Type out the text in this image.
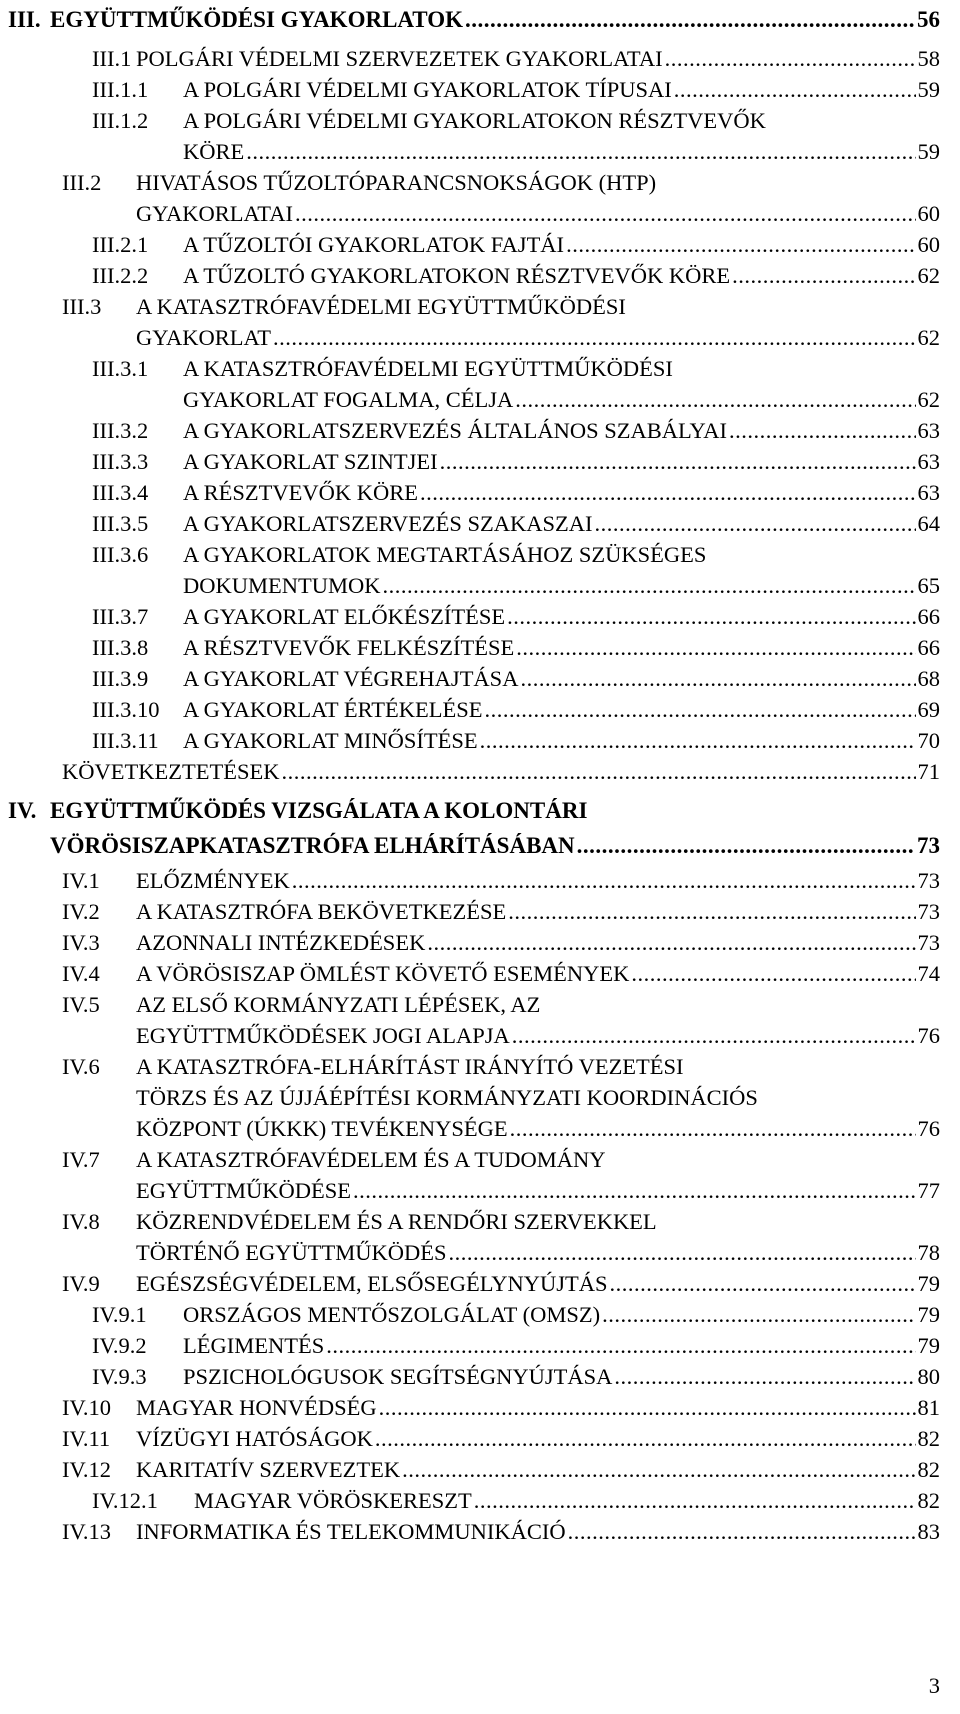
III. EGYÜTTMŰKÖDÉSI GYAKORLATOK .....	56
III.1 POLGÁRI VÉDELMI SZERVEZETEK GYAKORLATAI .....	58
III.1.1 A POLGÁRI VÉDELMI GYAKORLATOK TÍPUSAI .....	59
III.1.2 A POLGÁRI VÉDELMI GYAKORLATOKON RÉSZTVEVŐK
KÖRE .....	59
III.2 HIVATÁSOS TŰZOLTÓPARANCSNOKSÁGOK (HTP)
GYAKORLATAI .....	60
III.2.1 A TŰZOLTÓI GYAKORLATOK FAJTÁI .....	60
III.2.2 A TŰZOLTÓ GYAKORLATOKON RÉSZTVEVŐK KÖRE .....	62
III.3 A KATASZTRÓFAVÉDELMI EGYÜTTMŰKÖDÉSI
GYAKORLAT .....	62
III.3.1 A KATASZTRÓFAVÉDELMI EGYÜTTMŰKÖDÉSI
GYAKORLAT FOGALMA, CÉLJA .....	62
III.3.2 A GYAKORLATSZERVEZÉS ÁLTALÁNOS SZABÁLYAI .....	63
III.3.3 A GYAKORLAT SZINTJEI .....	63
III.3.4 A RÉSZTVEVŐK KÖRE .....	63
III.3.5 A GYAKORLATSZERVEZÉS SZAKASZAI .....	64
III.3.6 A GYAKORLATOK MEGTARTÁSÁHOZ SZÜKSÉGES
DOKUMENTUMOK .....	65
III.3.7 A GYAKORLAT ELŐKÉSZÍTÉSE .....	66
III.3.8 A RÉSZTVEVŐK FELKÉSZÍTÉSE .....	66
III.3.9 A GYAKORLAT VÉGREHAJTÁSA .....	68
III.3.10 A GYAKORLAT ÉRTÉKELÉSE .....	69
III.3.11 A GYAKORLAT MINŐSÍTÉSE .....	70
KÖVETKEZTETÉSEK .....	71
IV. EGYÜTTMŰKÖDÉS VIZSGÁLATA A KOLONTÁRI
VÖRÖSISZAPKATASZTRÓFA ELHÁRÍTÁSÁBAN .....	73
IV.1 ELŐZMÉNYEK .....	73
IV.2 A KATASZTRÓFA BEKÖVETKEZÉSE .....	73
IV.3 AZONNALI INTÉZKEDÉSEK .....	73
IV.4 A VÖRÖSISZAP ÖMLÉST KÖVETŐ ESEMÉNYEK .....	74
IV.5 AZ ELSŐ KORMÁNYZATI LÉPÉSEK, AZ
EGYÜTTMŰKÖDÉSEK JOGI ALAPJA .....	76
IV.6 A KATASZTRÓFA-ELHÁRÍTÁST IRÁNYÍTÓ VEZETÉSI
TÖRZS ÉS AZ ÚJJÁÉPÍTÉSI KORMÁNYZATI KOORDINÁCIÓS
KÖZPONT (ÚKKK) TEVÉKENYSÉGE .....	76
IV.7 A KATASZTRÓFAVÉDELEM ÉS A TUDOMÁNY
EGYÜTTMŰKÖDÉSE .....	77
IV.8 KÖZRENDVÉDELEM ÉS A RENDŐRI SZERVEKKEL
TÖRTÉNŐ EGYÜTTMŰKÖDÉS .....	78
IV.9 EGÉSZSÉGVÉDELEM, ELSŐSEGÉLYNYÚJTÁS .....	79
IV.9.1 ORSZÁGOS MENTŐSZOLGÁLAT (OMSZ) .....	79
IV.9.2 LÉGIMENTÉS .....	79
IV.9.3 PSZICHOLÓGUSOK SEGÍTSÉGNYÚJTÁSA .....	80
IV.10 MAGYAR HONVÉDSÉG .....	81
IV.11 VÍZÜGYI HATÓSÁGOK .....	82
IV.12 KARITATÍV SZERVEZTEK .....	82
IV.12.1 MAGYAR VÖRÖSKERESZT .....	82
IV.13 INFORMATIKA ÉS TELEKOMMUNIKÁCIÓ .....	83
3
